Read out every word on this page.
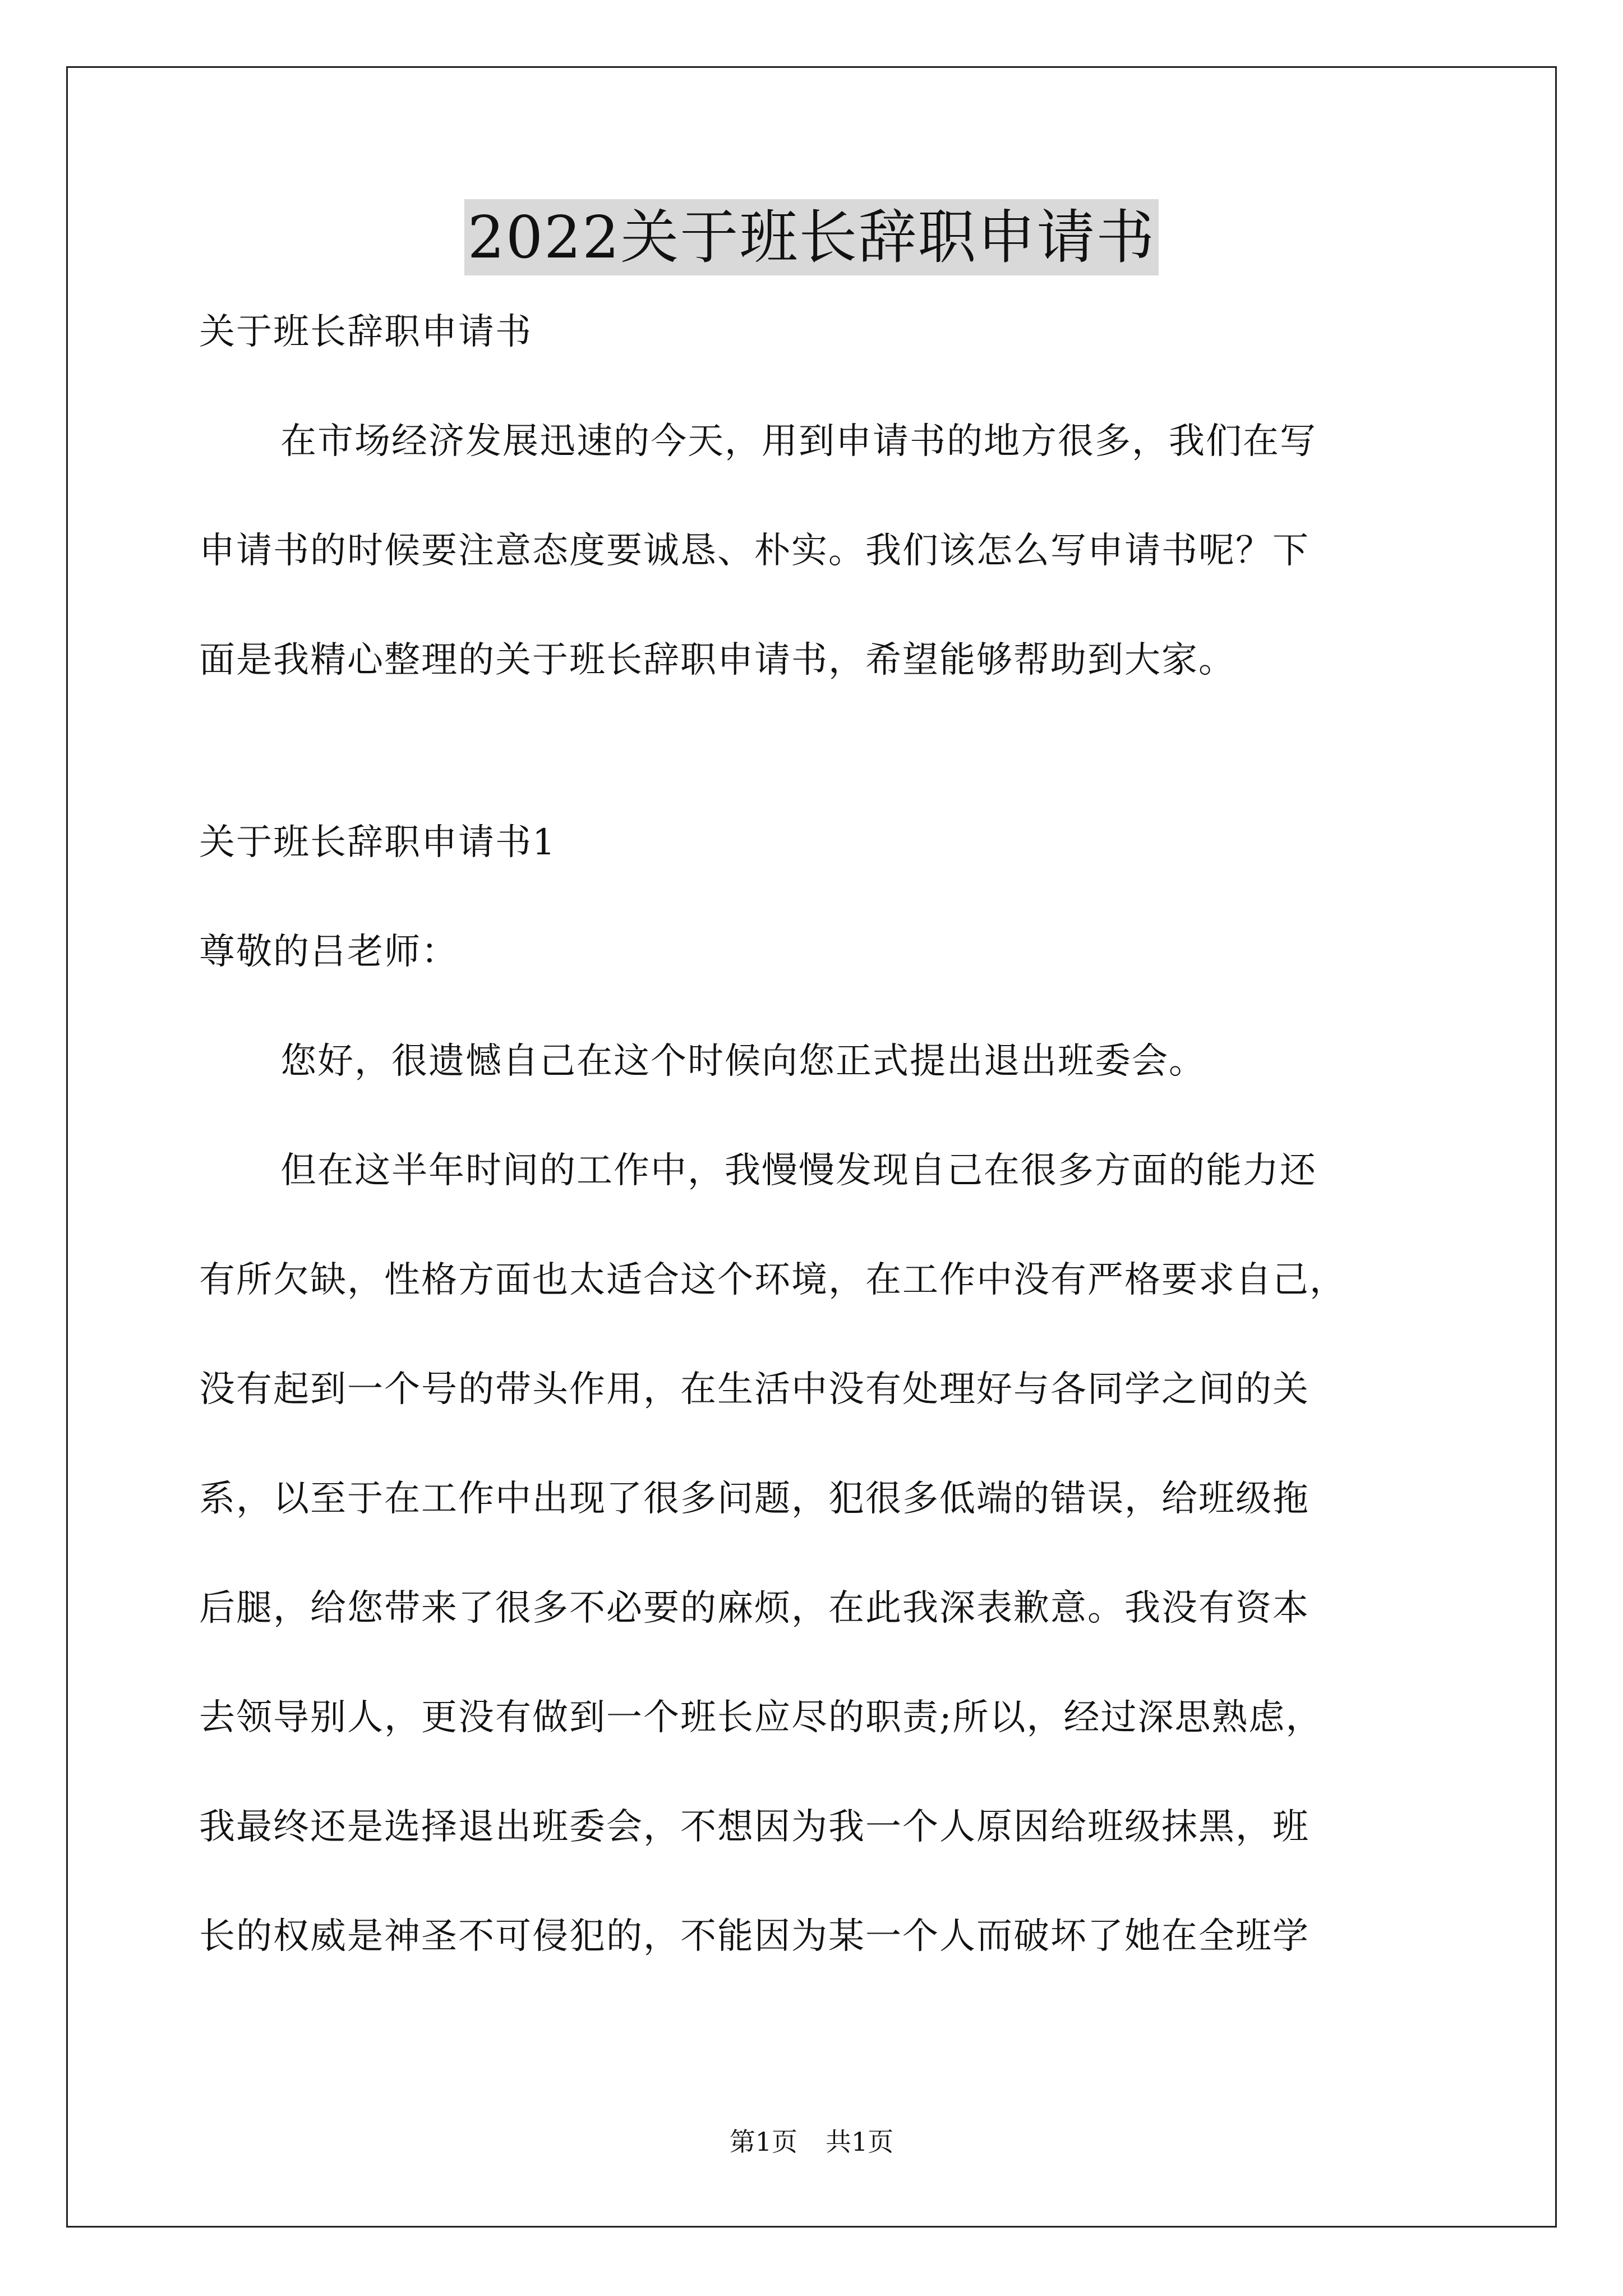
2022关于班长辞职申请书
关于班长辞职申请书
在市场经济发展迅速的今天，用到申请书的地方很多，我们在写
申请书的时候要注意态度要诚恳、朴实。我们该怎么写申请书呢？下
面是我精心整理的关于班长辞职申请书，希望能够帮助到大家。
关于班长辞职申请书1
尊敬的吕老师：
您好，很遗憾自己在这个时候向您正式提出退出班委会。
但在这半年时间的工作中，我慢慢发现自己在很多方面的能力还
有所欠缺，性格方面也太适合这个环境，在工作中没有严格要求自己，
没有起到一个号的带头作用，在生活中没有处理好与各同学之间的关
系，以至于在工作中出现了很多问题，犯很多低端的错误，给班级拖
后腿，给您带来了很多不必要的麻烦，在此我深表歉意。我没有资本
去领导别人，更没有做到一个班长应尽的职责;所以，经过深思熟虑，
我最终还是选择退出班委会，不想因为我一个人原因给班级抹黑，班
长的权威是神圣不可侵犯的，不能因为某一个人而破坏了她在全班学
第1页 共1页
